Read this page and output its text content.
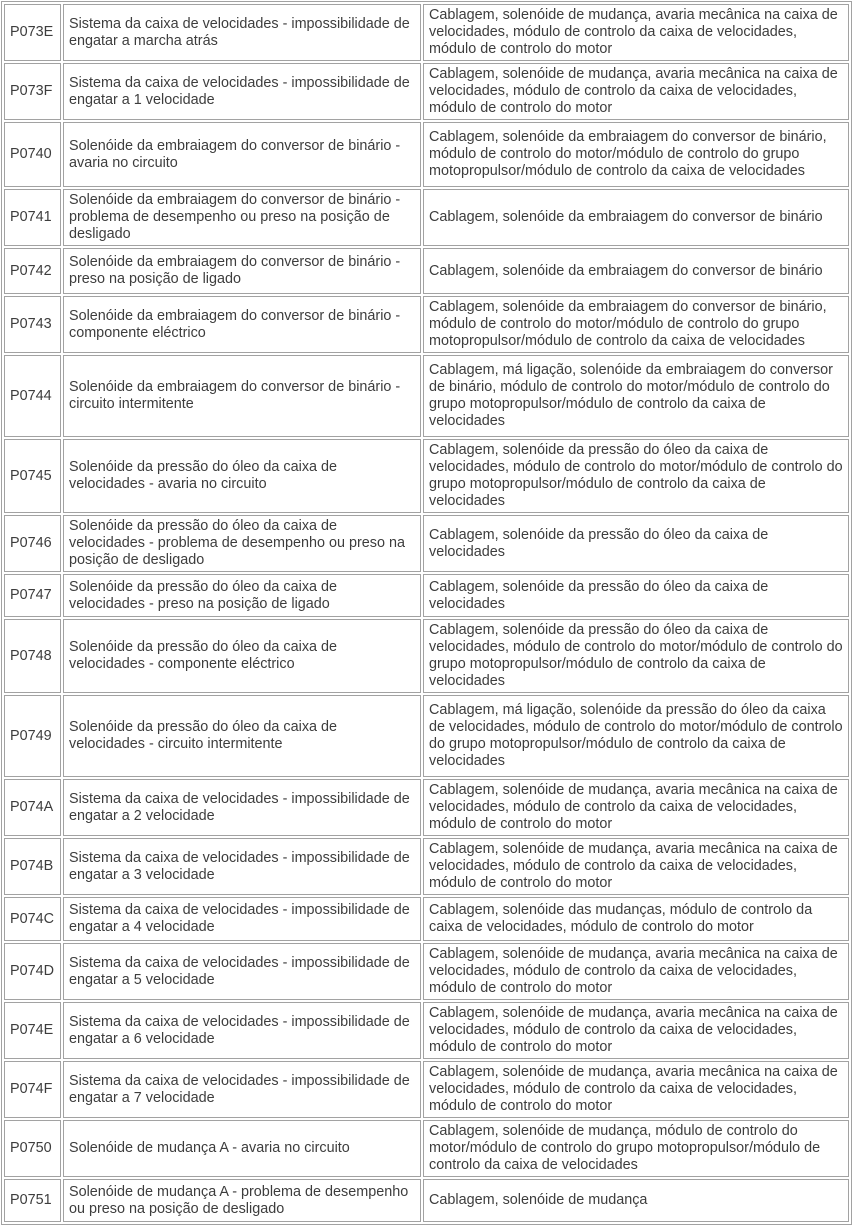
P073E	Sistema da caixa de velocidades - impossibilidade de engatar a marcha atrás	Cablagem, solenóide de mudança, avaria mecânica na caixa de velocidades, módulo de controlo da caixa de velocidades, módulo de controlo do motor
P073F	Sistema da caixa de velocidades - impossibilidade de engatar a 1 velocidade	Cablagem, solenóide de mudança, avaria mecânica na caixa de velocidades, módulo de controlo da caixa de velocidades, módulo de controlo do motor
P0740	Solenóide da embraiagem do conversor de binário - avaria no circuito	Cablagem, solenóide da embraiagem do conversor de binário, módulo de controlo do motor/módulo de controlo do grupo motopropulsor/módulo de controlo da caixa de velocidades
P0741	Solenóide da embraiagem do conversor de binário - problema de desempenho ou preso na posição de desligado	Cablagem, solenóide da embraiagem do conversor de binário
P0742	Solenóide da embraiagem do conversor de binário - preso na posição de ligado	Cablagem, solenóide da embraiagem do conversor de binário
P0743	Solenóide da embraiagem do conversor de binário - componente eléctrico	Cablagem, solenóide da embraiagem do conversor de binário, módulo de controlo do motor/módulo de controlo do grupo motopropulsor/módulo de controlo da caixa de velocidades
P0744	Solenóide da embraiagem do conversor de binário - circuito intermitente	Cablagem, má ligação, solenóide da embraiagem do conversor de binário, módulo de controlo do motor/módulo de controlo do grupo motopropulsor/módulo de controlo da caixa de velocidades
P0745	Solenóide da pressão do óleo da caixa de velocidades - avaria no circuito	Cablagem, solenóide da pressão do óleo da caixa de velocidades, módulo de controlo do motor/módulo de controlo do grupo motopropulsor/módulo de controlo da caixa de velocidades
P0746	Solenóide da pressão do óleo da caixa de velocidades - problema de desempenho ou preso na posição de desligado	Cablagem, solenóide da pressão do óleo da caixa de velocidades
P0747	Solenóide da pressão do óleo da caixa de velocidades - preso na posição de ligado	Cablagem, solenóide da pressão do óleo da caixa de velocidades
P0748	Solenóide da pressão do óleo da caixa de velocidades - componente eléctrico	Cablagem, solenóide da pressão do óleo da caixa de velocidades, módulo de controlo do motor/módulo de controlo do grupo motopropulsor/módulo de controlo da caixa de velocidades
P0749	Solenóide da pressão do óleo da caixa de velocidades - circuito intermitente	Cablagem, má ligação, solenóide da pressão do óleo da caixa de velocidades, módulo de controlo do motor/módulo de controlo do grupo motopropulsor/módulo de controlo da caixa de velocidades
P074A	Sistema da caixa de velocidades - impossibilidade de engatar a 2 velocidade	Cablagem, solenóide de mudança, avaria mecânica na caixa de velocidades, módulo de controlo da caixa de velocidades, módulo de controlo do motor
P074B	Sistema da caixa de velocidades - impossibilidade de engatar a 3 velocidade	Cablagem, solenóide de mudança, avaria mecânica na caixa de velocidades, módulo de controlo da caixa de velocidades, módulo de controlo do motor
P074C	Sistema da caixa de velocidades - impossibilidade de engatar a 4 velocidade	Cablagem, solenóide das mudanças, módulo de controlo da caixa de velocidades, módulo de controlo do motor
P074D	Sistema da caixa de velocidades - impossibilidade de engatar a 5 velocidade	Cablagem, solenóide de mudança, avaria mecânica na caixa de velocidades, módulo de controlo da caixa de velocidades, módulo de controlo do motor
P074E	Sistema da caixa de velocidades - impossibilidade de engatar a 6 velocidade	Cablagem, solenóide de mudança, avaria mecânica na caixa de velocidades, módulo de controlo da caixa de velocidades, módulo de controlo do motor
P074F	Sistema da caixa de velocidades - impossibilidade de engatar a 7 velocidade	Cablagem, solenóide de mudança, avaria mecânica na caixa de velocidades, módulo de controlo da caixa de velocidades, módulo de controlo do motor
P0750	Solenóide de mudança A - avaria no circuito	Cablagem, solenóide de mudança, módulo de controlo do motor/módulo de controlo do grupo motopropulsor/módulo de controlo da caixa de velocidades
P0751	Solenóide de mudança A - problema de desempenho ou preso na posição de desligado	Cablagem, solenóide de mudança
